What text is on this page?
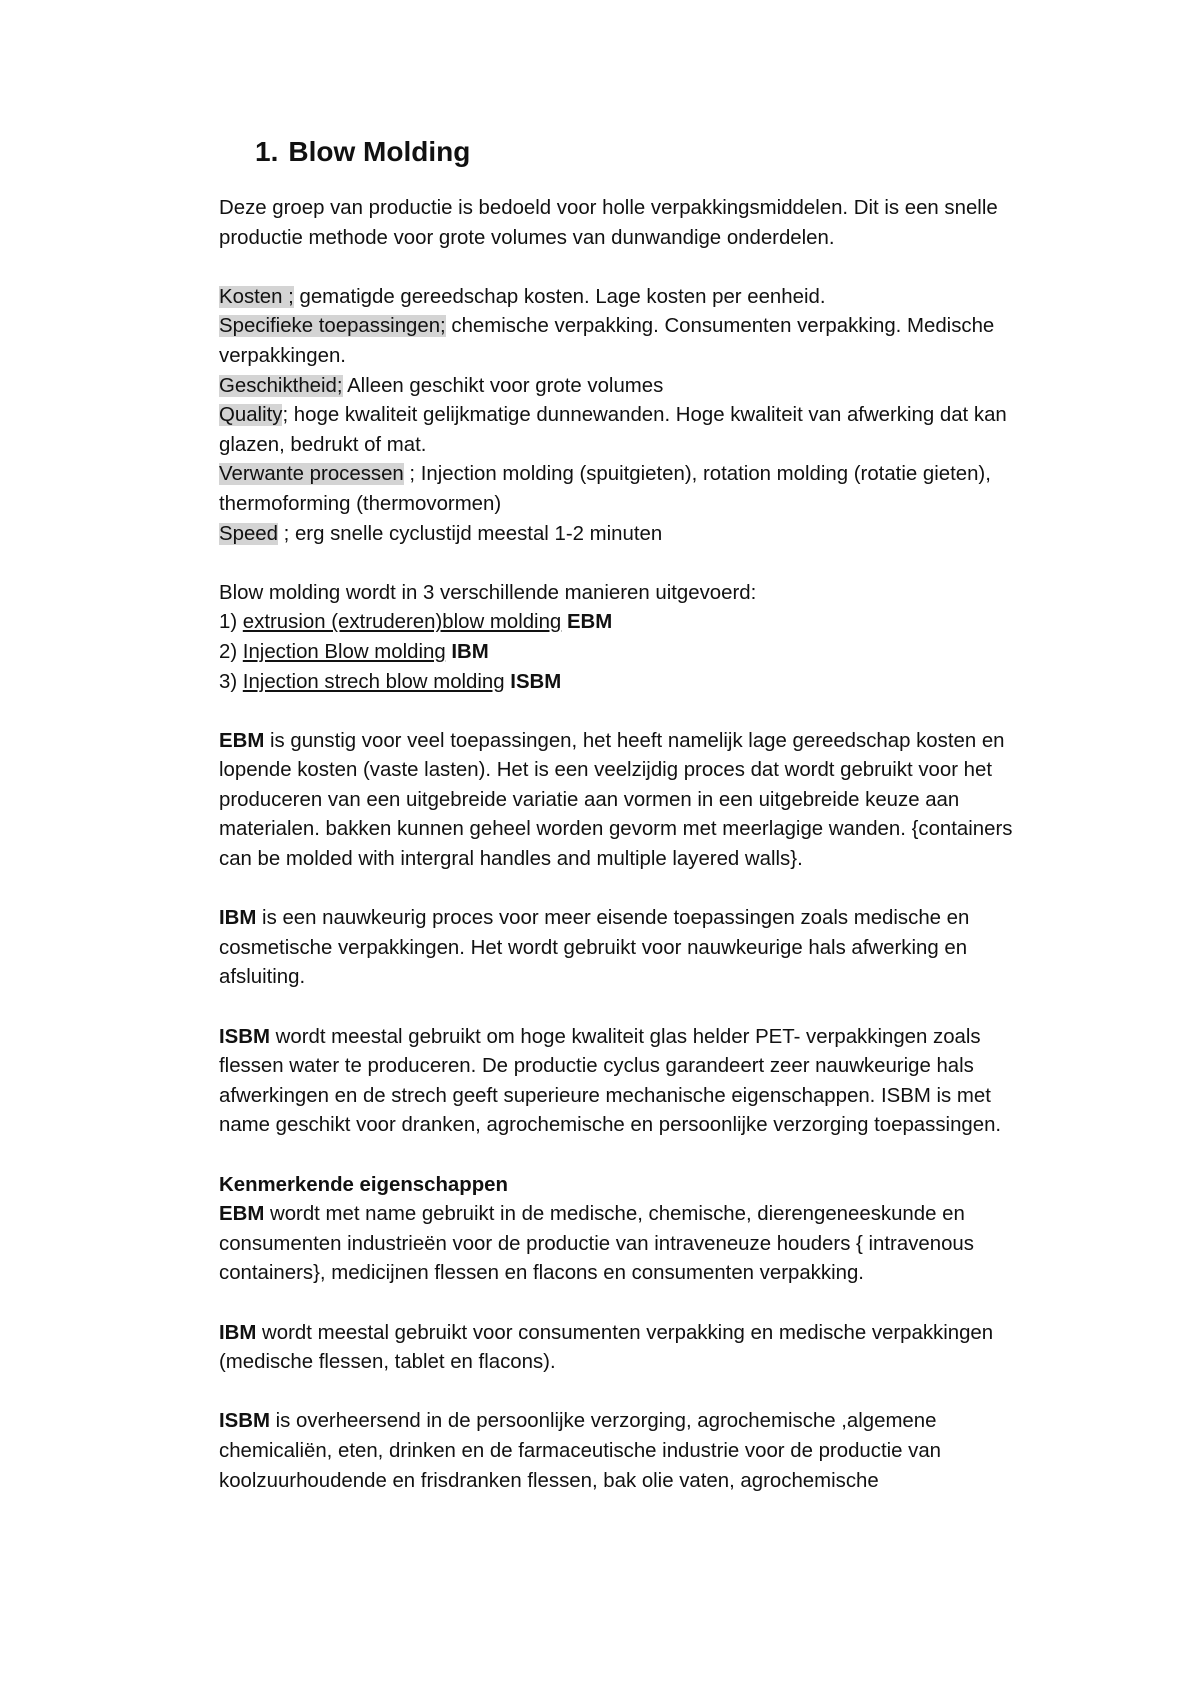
1. Blow Molding

Deze groep van productie is bedoeld voor holle verpakkingsmiddelen. Dit is een snelle productie methode voor grote volumes van dunwandige onderdelen.

Kosten ; gematigde gereedschap kosten. Lage kosten per eenheid.
Specifieke toepassingen; chemische verpakking. Consumenten verpakking. Medische verpakkingen.
Geschiktheid; Alleen geschikt voor grote volumes
Quality; hoge kwaliteit gelijkmatige dunnewanden. Hoge kwaliteit van afwerking dat kan glazen, bedrukt of mat.
Verwante processen ; Injection molding (spuitgieten), rotation molding (rotatie gieten), thermoforming (thermovormen)
Speed ; erg snelle cyclustijd meestal 1-2 minuten

Blow molding wordt in 3 verschillende manieren uitgevoerd:
1) extrusion (extruderen)blow molding EBM
2) Injection Blow molding IBM
3) Injection strech blow molding ISBM

EBM is gunstig voor veel toepassingen, het heeft namelijk lage gereedschap kosten en lopende kosten (vaste lasten). Het is een veelzijdig proces dat wordt gebruikt voor het produceren van een uitgebreide variatie aan vormen in een uitgebreide keuze aan materialen. bakken kunnen geheel worden gevorm met meerlagige wanden. {containers can be molded with intergral handles and multiple layered walls}.

IBM is een nauwkeurig proces voor meer eisende toepassingen zoals medische en cosmetische verpakkingen. Het wordt gebruikt voor nauwkeurige hals afwerking en afsluiting.

ISBM wordt meestal gebruikt om hoge kwaliteit glas helder PET- verpakkingen zoals flessen water te produceren. De productie cyclus garandeert zeer nauwkeurige hals afwerkingen en de strech geeft superieure mechanische eigenschappen. ISBM is met name geschikt voor dranken, agrochemische en persoonlijke verzorging toepassingen.

Kenmerkende eigenschappen
EBM wordt met name gebruikt in de medische, chemische, dierengeneeskunde en consumenten industrieën voor de productie van intraveneuze houders { intravenous containers}, medicijnen flessen en flacons en consumenten verpakking.

IBM wordt meestal gebruikt voor consumenten verpakking en medische verpakkingen (medische flessen, tablet en flacons).

ISBM is overheersend in de persoonlijke verzorging, agrochemische ,algemene chemicaliën, eten, drinken en de farmaceutische industrie voor de productie van koolzuurhoudende en frisdranken flessen, bak olie vaten, agrochemische
